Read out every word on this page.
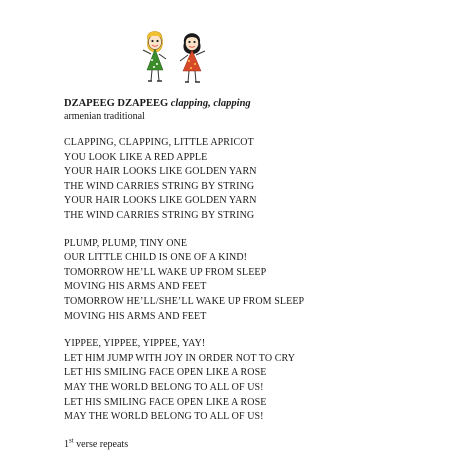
DZAPEEG DZAPEEG clapping, clapping
armenian traditional
CLAPPING, CLAPPING, LITTLE APRICOT
YOU LOOK LIKE A RED APPLE
YOUR HAIR LOOKS LIKE GOLDEN YARN
THE WIND CARRIES STRING BY STRING
YOUR HAIR LOOKS LIKE GOLDEN YARN
THE WIND CARRIES STRING BY STRING
PLUMP, PLUMP, TINY ONE
OUR LITTLE CHILD IS ONE OF A KIND!
TOMORROW HE’LL WAKE UP FROM SLEEP
MOVING HIS ARMS AND FEET
TOMORROW HE’LL/SHE’LL WAKE UP FROM SLEEP
MOVING HIS ARMS AND FEET
YIPPEE, YIPPEE, YIPPEE, YAY!
LET HIM JUMP WITH JOY IN ORDER NOT TO CRY
LET HIS SMILING FACE OPEN LIKE A ROSE
MAY THE WORLD BELONG TO ALL OF US!
LET HIS SMILING FACE OPEN LIKE A ROSE
MAY THE WORLD BELONG TO ALL OF US!
1st verse repeats
